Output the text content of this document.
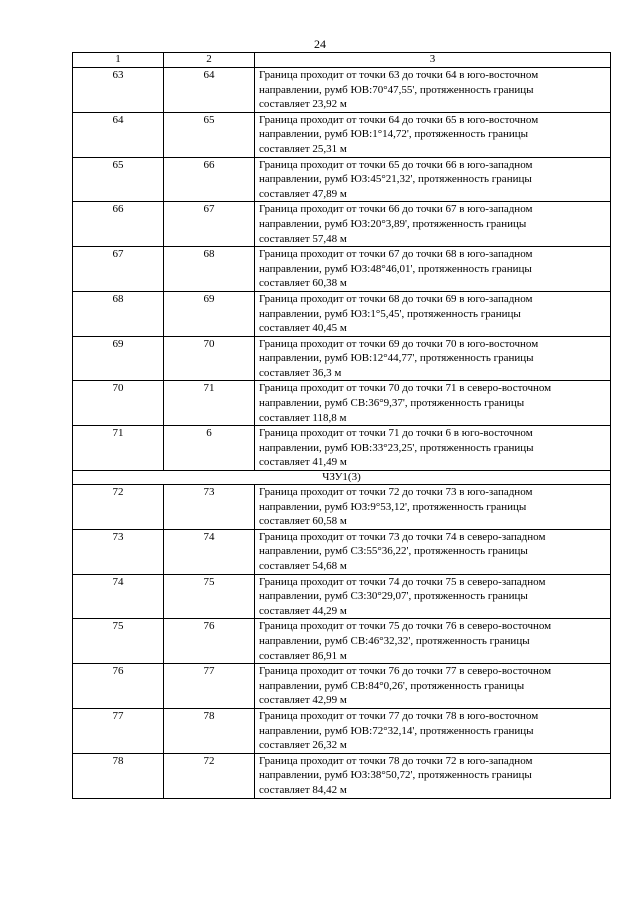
24
1	2	3
63	64	Граница проходит от точки 63 до точки 64 в юго-восточном
направлении, румб ЮВ:70°47,55', протяженность границы
составляет 23,92 м

64	65	Граница проходит от точки 64 до точки 65 в юго-восточном
направлении, румб ЮВ:1°14,72', протяженность границы
составляет 25,31 м

65	66	Граница проходит от точки 65 до точки 66 в юго-западном
направлении, румб ЮЗ:45°21,32', протяженность границы
составляет 47,89 м

66	67	Граница проходит от точки 66 до точки 67 в юго-западном
направлении, румб ЮЗ:20°3,89', протяженность границы
составляет 57,48 м

67	68	Граница проходит от точки 67 до точки 68 в юго-западном
направлении, румб ЮЗ:48°46,01', протяженность границы
составляет 60,38 м

68	69	Граница проходит от точки 68 до точки 69 в юго-западном
направлении, румб ЮЗ:1°5,45', протяженность границы
составляет 40,45 м

69	70	Граница проходит от точки 69 до точки 70 в юго-восточном
направлении, румб ЮВ:12°44,77', протяженность границы
составляет 36,3 м

70	71	Граница проходит от точки 70 до точки 71 в северо-восточном
направлении, румб СВ:36°9,37', протяженность границы
составляет 118,8 м

71	6	Граница проходит от точки 71 до точки 6 в юго-восточном
направлении, румб ЮВ:33°23,25', протяженность границы
составляет 41,49 м

ЧЗУ1(3)		
72	73	Граница проходит от точки 72 до точки 73 в юго-западном
направлении, румб ЮЗ:9°53,12', протяженность границы
составляет 60,58 м

73	74	Граница проходит от точки 73 до точки 74 в северо-западном
направлении, румб СЗ:55°36,22', протяженность границы
составляет 54,68 м

74	75	Граница проходит от точки 74 до точки 75 в северо-западном
направлении, румб СЗ:30°29,07', протяженность границы
составляет 44,29 м

75	76	Граница проходит от точки 75 до точки 76 в северо-восточном
направлении, румб СВ:46°32,32', протяженность границы
составляет 86,91 м

76	77	Граница проходит от точки 76 до точки 77 в северо-восточном
направлении, румб СВ:84°0,26', протяженность границы
составляет 42,99 м

77	78	Граница проходит от точки 77 до точки 78 в юго-восточном
направлении, румб ЮВ:72°32,14', протяженность границы
составляет 26,32 м

78	72	Граница проходит от точки 78 до точки 72 в юго-западном
направлении, румб ЮЗ:38°50,72', протяженность границы
составляет 84,42 м
